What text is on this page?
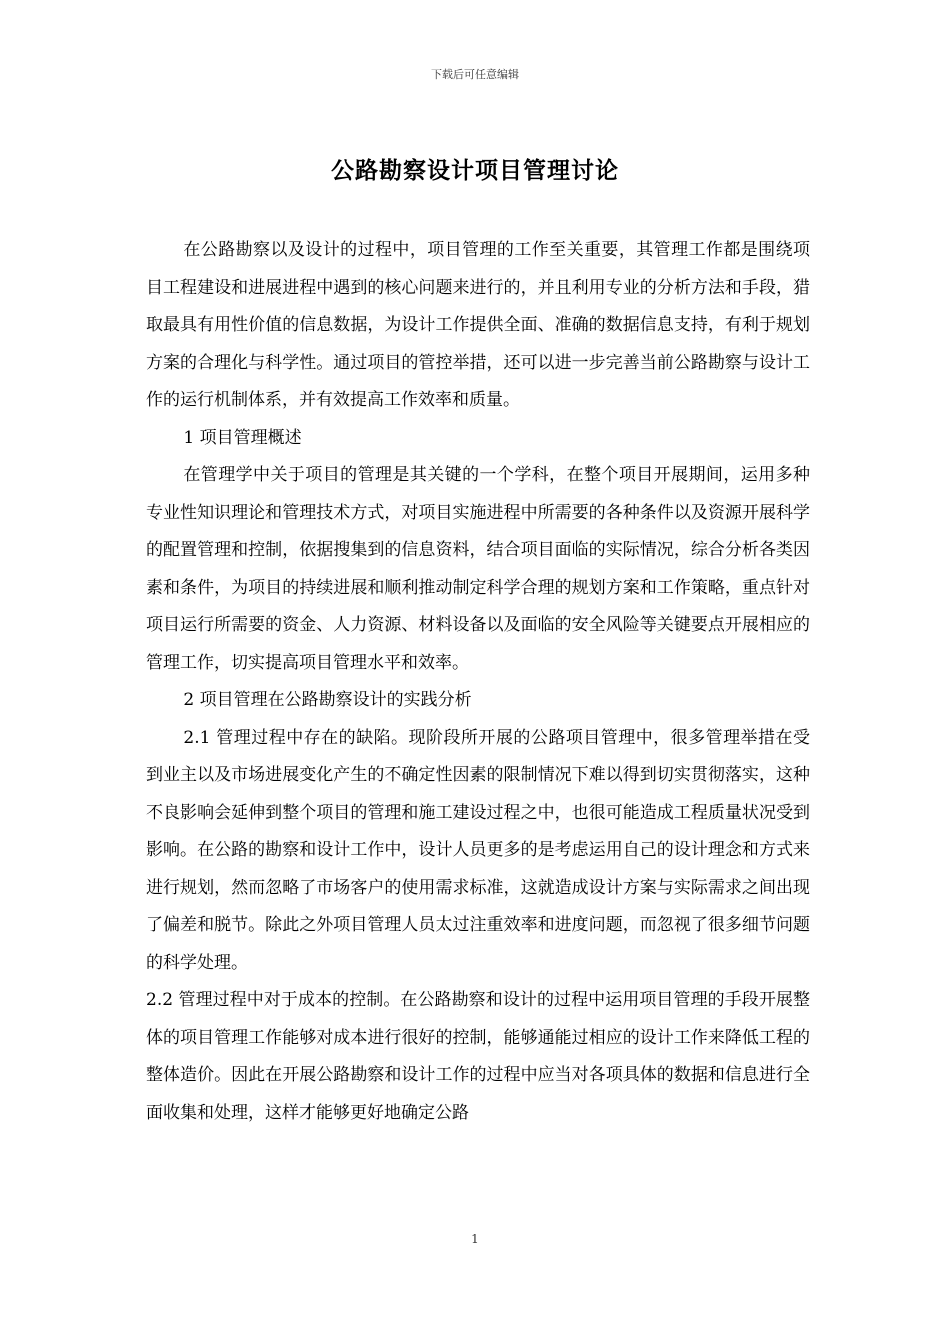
下载后可任意编辑
公路勘察设计项目管理讨论

在公路勘察以及设计的过程中，项目管理的工作至关重要，其管理工作都是围绕项目工程建设和进展进程中遇到的核心问题来进行的，并且利用专业的分析方法和手段，猎取最具有用性价值的信息数据，为设计工作提供全面、准确的数据信息支持，有利于规划方案的合理化与科学性。通过项目的管控举措，还可以进一步完善当前公路勘察与设计工作的运行机制体系，并有效提高工作效率和质量。

1 项目管理概述

在管理学中关于项目的管理是其关键的一个学科，在整个项目开展期间，运用多种专业性知识理论和管理技术方式，对项目实施进程中所需要的各种条件以及资源开展科学的配置管理和控制，依据搜集到的信息资料，结合项目面临的实际情况，综合分析各类因素和条件，为项目的持续进展和顺利推动制定科学合理的规划方案和工作策略，重点针对项目运行所需要的资金、人力资源、材料设备以及面临的安全风险等关键要点开展相应的管理工作，切实提高项目管理水平和效率。

2 项目管理在公路勘察设计的实践分析

2.1 管理过程中存在的缺陷。现阶段所开展的公路项目管理中，很多管理举措在受到业主以及市场进展变化产生的不确定性因素的限制情况下难以得到切实贯彻落实，这种不良影响会延伸到整个项目的管理和施工建设过程之中，也很可能造成工程质量状况受到影响。在公路的勘察和设计工作中，设计人员更多的是考虑运用自己的设计理念和方式来进行规划，然而忽略了市场客户的使用需求标准，这就造成设计方案与实际需求之间出现了偏差和脱节。除此之外项目管理人员太过注重效率和进度问题，而忽视了很多细节问题的科学处理。

2.2 管理过程中对于成本的控制。在公路勘察和设计的过程中运用项目管理的手段开展整体的项目管理工作能够对成本进行很好的控制，能够通能过相应的设计工作来降低工程的整体造价。因此在开展公路勘察和设计工作的过程中应当对各项具体的数据和信息进行全面收集和处理，这样才能够更好地确定公路

1
